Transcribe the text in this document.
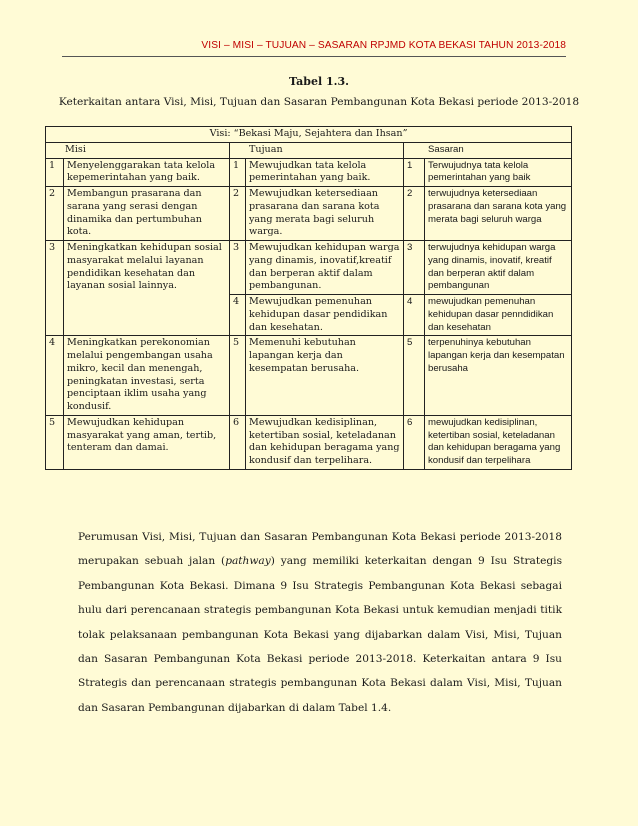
VISI – MISI – TUJUAN – SASARAN RPJMD KOTA BEKASI TAHUN 2013-2018
Tabel 1.3.
Keterkaitan antara Visi, Misi, Tujuan dan Sasaran Pembangunan Kota Bekasi periode 2013-2018
Visi: “Bekasi Maju, Sejahtera dan Ihsan”					
Misi		Tujuan		Sasaran	
1	Menyelenggarakan tata kelola kepemerintahan yang baik.	1	Mewujudkan tata kelola pemerintahan yang baik.	1	Terwujudnya tata kelola pemerintahan yang baik
2	Membangun prasarana dan sarana yang serasi dengan dinamika dan pertumbuhan kota.	2	Mewujudkan ketersediaan prasarana dan sarana kota yang merata bagi seluruh warga.	2	terwujudnya ketersediaan prasarana dan sarana kota yang merata bagi seluruh warga
3	Meningkatkan kehidupan sosial masyarakat melalui layanan pendidikan kesehatan dan layanan sosial lainnya.	3	Mewujudkan kehidupan warga yang dinamis, inovatif,kreatif dan berperan aktif dalam pembangunan.	3	terwujudnya kehidupan warga yang dinamis, inovatif, kreatif dan berperan aktif dalam pembangunan
		4	Mewujudkan pemenuhan kehidupan dasar pendidikan dan kesehatan.	4	mewujudkan pemenuhan kehidupan dasar penndidikan dan kesehatan
4	Meningkatkan perekonomian melalui pengembangan usaha mikro, kecil dan menengah, peningkatan investasi, serta penciptaan iklim usaha yang kondusif.	5	Memenuhi kebutuhan lapangan kerja dan kesempatan berusaha.	5	terpenuhinya kebutuhan lapangan kerja dan kesempatan berusaha
5	Mewujudkan kehidupan masyarakat yang aman, tertib, tenteram dan damai.	6	Mewujudkan kedisiplinan, ketertiban sosial, keteladanan dan kehidupan beragama yang kondusif dan terpelihara.	6	mewujudkan kedisiplinan, ketertiban sosial, keteladanan dan kehidupan beragama yang kondusif dan terpelihara
Perumusan Visi, Misi, Tujuan dan Sasaran Pembangunan Kota Bekasi periode 2013-2018 merupakan sebuah jalan (pathway) yang memiliki keterkaitan dengan 9 Isu Strategis Pembangunan Kota Bekasi. Dimana 9 Isu Strategis Pembangunan Kota Bekasi sebagai hulu dari perencanaan strategis pembangunan Kota Bekasi untuk kemudian menjadi titik tolak pelaksanaan pembangunan Kota Bekasi yang dijabarkan dalam Visi, Misi, Tujuan dan Sasaran Pembangunan Kota Bekasi periode 2013-2018. Keterkaitan antara 9 Isu Strategis dan perencanaan strategis pembangunan Kota Bekasi dalam Visi, Misi, Tujuan dan Sasaran Pembangunan dijabarkan di dalam Tabel 1.4.
